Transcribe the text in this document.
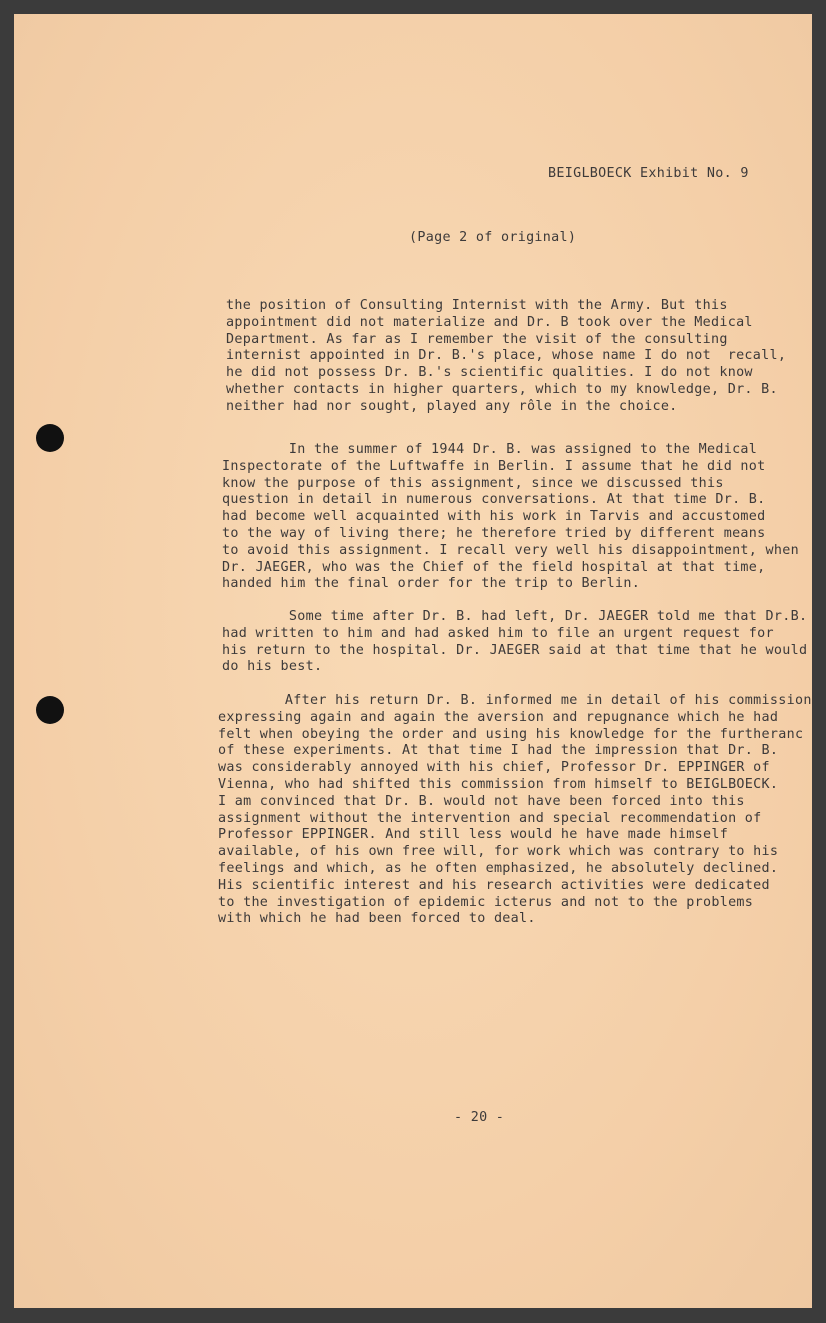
BEIGLBOECK Exhibit No. 9
(Page 2 of original)
the position of Consulting Internist with the Army. But this
appointment did not materialize and Dr. B took over the Medical
Department. As far as I remember the visit of the consulting
internist appointed in Dr. B.'s place, whose name I do not  recall,
he did not possess Dr. B.'s scientific qualities. I do not know
whether contacts in higher quarters, which to my knowledge, Dr. B.
neither had nor sought, played any rôle in the choice.
In the summer of 1944 Dr. B. was assigned to the Medical
Inspectorate of the Luftwaffe in Berlin. I assume that he did not
know the purpose of this assignment, since we discussed this
question in detail in numerous conversations. At that time Dr. B.
had become well acquainted with his work in Tarvis and accustomed
to the way of living there; he therefore tried by different means
to avoid this assignment. I recall very well his disappointment, when
Dr. JAEGER, who was the Chief of the field hospital at that time,
handed him the final order for the trip to Berlin.
Some time after Dr. B. had left, Dr. JAEGER told me that Dr.B.
had written to him and had asked him to file an urgent request for
his return to the hospital. Dr. JAEGER said at that time that he would
do his best.
After his return Dr. B. informed me in detail of his commission
expressing again and again the aversion and repugnance which he had
felt when obeying the order and using his knowledge for the furtheranc
of these experiments. At that time I had the impression that Dr. B.
was considerably annoyed with his chief, Professor Dr. EPPINGER of
Vienna, who had shifted this commission from himself to BEIGLBOECK.
I am convinced that Dr. B. would not have been forced into this
assignment without the intervention and special recommendation of
Professor EPPINGER. And still less would he have made himself
available, of his own free will, for work which was contrary to his
feelings and which, as he often emphasized, he absolutely declined.
His scientific interest and his research activities were dedicated
to the investigation of epidemic icterus and not to the problems
with which he had been forced to deal.
- 20 -
